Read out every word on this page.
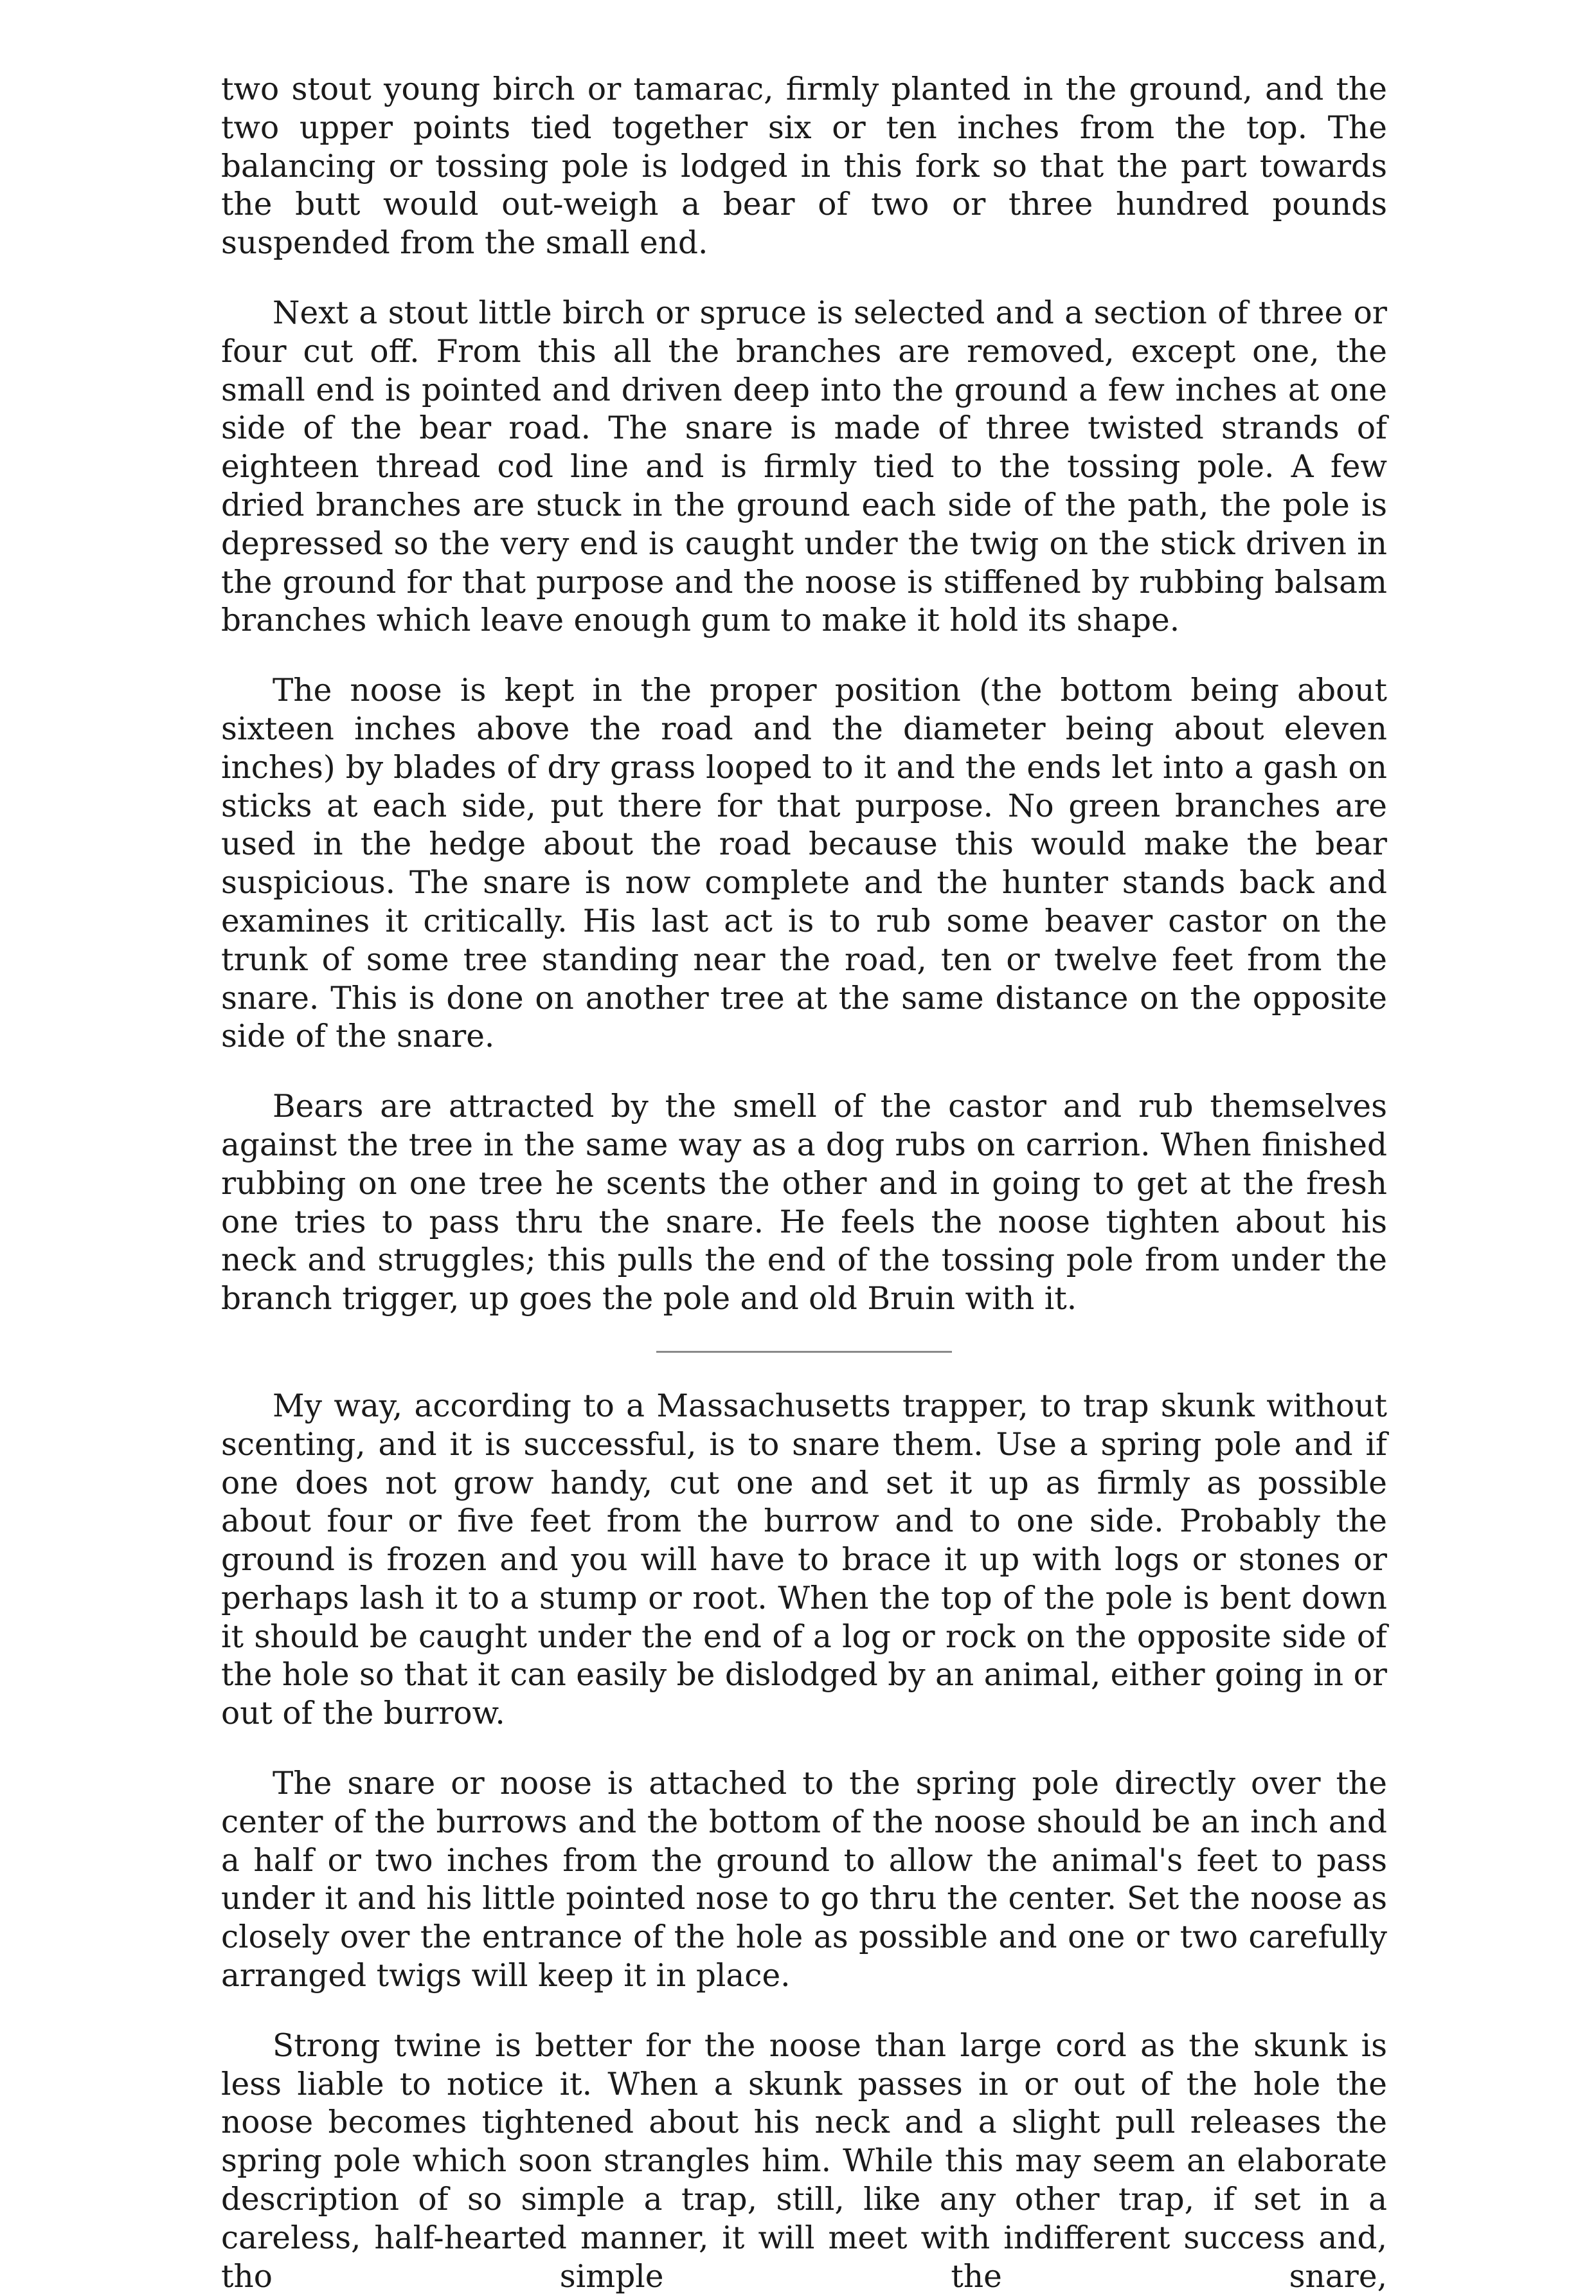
two stout young birch or tamarac, firmly planted in the ground, and the two upper points tied together six or ten inches from the top. The balancing or tossing pole is lodged in this fork so that the part towards the butt would out-weigh a bear of two or three hundred pounds suspended from the small end.

Next a stout little birch or spruce is selected and a section of three or four cut off. From this all the branches are removed, except one, the small end is pointed and driven deep into the ground a few inches at one side of the bear road. The snare is made of three twisted strands of eighteen thread cod line and is firmly tied to the tossing pole. A few dried branches are stuck in the ground each side of the path, the pole is depressed so the very end is caught under the twig on the stick driven in the ground for that purpose and the noose is stiffened by rubbing balsam branches which leave enough gum to make it hold its shape.

The noose is kept in the proper position (the bottom being about sixteen inches above the road and the diameter being about eleven inches) by blades of dry grass looped to it and the ends let into a gash on sticks at each side, put there for that purpose. No green branches are used in the hedge about the road because this would make the bear suspicious. The snare is now complete and the hunter stands back and examines it critically. His last act is to rub some beaver castor on the trunk of some tree standing near the road, ten or twelve feet from the snare. This is done on another tree at the same distance on the opposite side of the snare.

Bears are attracted by the smell of the castor and rub themselves against the tree in the same way as a dog rubs on carrion. When finished rubbing on one tree he scents the other and in going to get at the fresh one tries to pass thru the snare. He feels the noose tighten about his neck and struggles; this pulls the end of the tossing pole from under the branch trigger, up goes the pole and old Bruin with it.

My way, according to a Massachusetts trapper, to trap skunk without scenting, and it is successful, is to snare them. Use a spring pole and if one does not grow handy, cut one and set it up as firmly as possible about four or five feet from the burrow and to one side. Probably the ground is frozen and you will have to brace it up with logs or stones or perhaps lash it to a stump or root. When the top of the pole is bent down it should be caught under the end of a log or rock on the opposite side of the hole so that it can easily be dislodged by an animal, either going in or out of the burrow.

The snare or noose is attached to the spring pole directly over the center of the burrows and the bottom of the noose should be an inch and a half or two inches from the ground to allow the animal's feet to pass under it and his little pointed nose to go thru the center. Set the noose as closely over the entrance of the hole as possible and one or two carefully arranged twigs will keep it in place.

Strong twine is better for the noose than large cord as the skunk is less liable to notice it. When a skunk passes in or out of the hole the noose becomes tightened about his neck and a slight pull releases the spring pole which soon strangles him. While this may seem an elaborate description of so simple a trap, still, like any other trap, if set in a careless, half-hearted manner, it will meet with indifferent success and, tho simple the snare,
